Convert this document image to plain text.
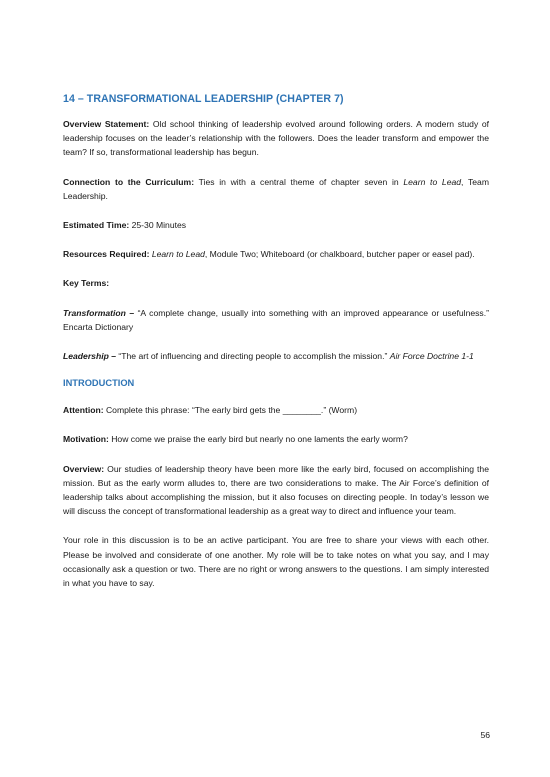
14 – TRANSFORMATIONAL LEADERSHIP (CHAPTER 7)

Overview Statement: Old school thinking of leadership evolved around following orders. A modern study of leadership focuses on the leader’s relationship with the followers. Does the leader transform and empower the team? If so, transformational leadership has begun.

Connection to the Curriculum: Ties in with a central theme of chapter seven in Learn to Lead, Team Leadership.

Estimated Time: 25-30 Minutes

Resources Required: Learn to Lead, Module Two; Whiteboard (or chalkboard, butcher paper or easel pad).

Key Terms:

Transformation – “A complete change, usually into something with an improved appearance or usefulness.” Encarta Dictionary

Leadership – “The art of influencing and directing people to accomplish the mission.” Air Force Doctrine 1-1

INTRODUCTION

Attention: Complete this phrase: “The early bird gets the ________.” (Worm)

Motivation: How come we praise the early bird but nearly no one laments the early worm?

Overview: Our studies of leadership theory have been more like the early bird, focused on accomplishing the mission. But as the early worm alludes to, there are two considerations to make. The Air Force’s definition of leadership talks about accomplishing the mission, but it also focuses on directing people. In today’s lesson we will discuss the concept of transformational leadership as a great way to direct and influence your team.

Your role in this discussion is to be an active participant. You are free to share your views with each other. Please be involved and considerate of one another. My role will be to take notes on what you say, and I may occasionally ask a question or two. There are no right or wrong answers to the questions. I am simply interested in what you have to say.

56
